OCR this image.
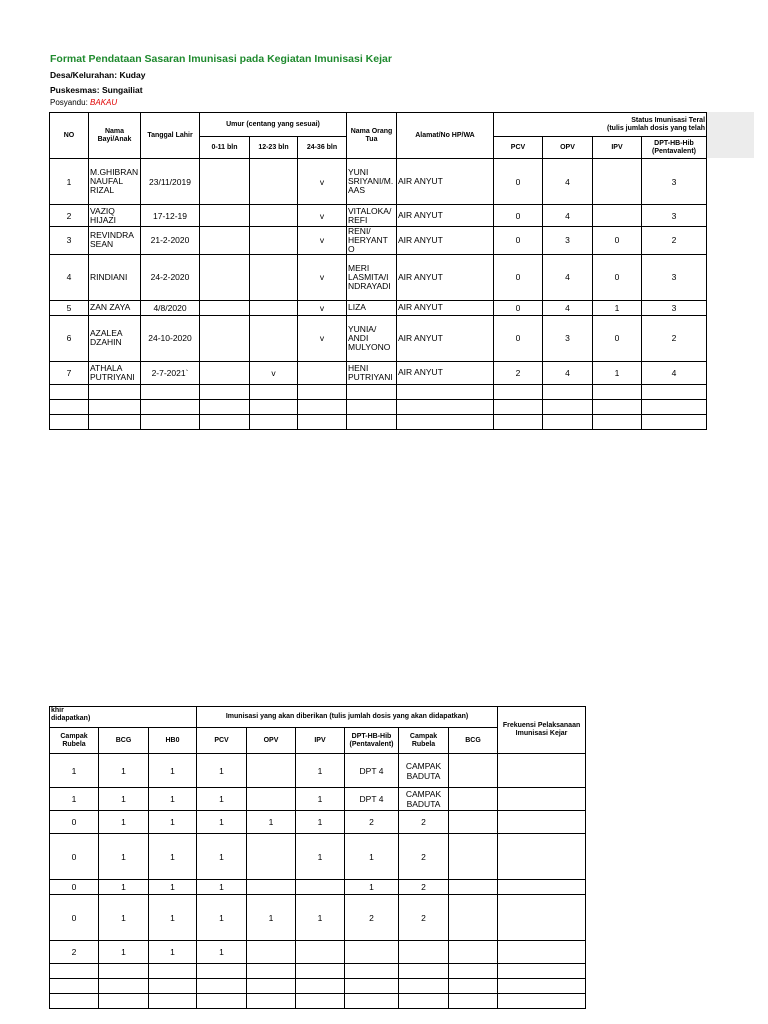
Format Pendataan Sasaran Imunisasi pada Kegiatan Imunisasi Kejar
Desa/Kelurahan: Kuday
Puskesmas: Sungailiat
Posyandu: BAKAU
NO	Nama Bayi/Anak	Tanggal Lahir	Umur (centang yang sesuai)			Nama Orang Tua	Alamat/No HP/WA	Status Imunisasi Teral
(tulis jumlah dosis yang telah			
			0-11 bln	12-23 bln	24-36 bln			PCV	OPV	IPV	DPT-HB-Hib (Pentavalent)
1	M.GHIBRAN NAUFAL RIZAL	23/11/2019			v	YUNI SRIYANI/M. AAS	AIR ANYUT	0	4		3
2	VAZIQ HIJAZI	17-12-19			v	VITALOKA/ REFI	AIR ANYUT	0	4		3
3	REVINDRA SEAN	21-2-2020			v	RENI/ HERYANT O	AIR ANYUT	0	3	0	2
4	RINDIANI	24-2-2020			v	MERI LASMITA/I NDRAYADI	AIR ANYUT	0	4	0	3
5	ZAN ZAYA	4/8/2020			v	LIZA	AIR ANYUT	0	4	1	3
6	AZALEA DZAHIN	24-10-2020			v	YUNIA/ ANDI MULYONO	AIR ANYUT	0	3	0	2
7	ATHALA PUTRIYANI	2-7-2021`		v		HENI PUTRIYANI	AIR ANYUT	2	4	1	4

khir
didapatkan)			Imunisasi yang akan diberikan (tulis jumlah dosis yang akan didapatkan)						Frekuensi Pelaksanaan Imunisasi Kejar
Campak Rubela	BCG	HB0	PCV	OPV	IPV	DPT-HB-Hib (Pentavalent)	Campak Rubela	BCG	
1	1	1	1		1	DPT 4	CAMPAK BADUTA		
1	1	1	1		1	DPT 4	CAMPAK BADUTA		
0	1	1	1	1	1	2	2		
0	1	1	1		1	1	2		
0	1	1	1			1	2		
0	1	1	1	1	1	2	2		
2	1	1	1						
